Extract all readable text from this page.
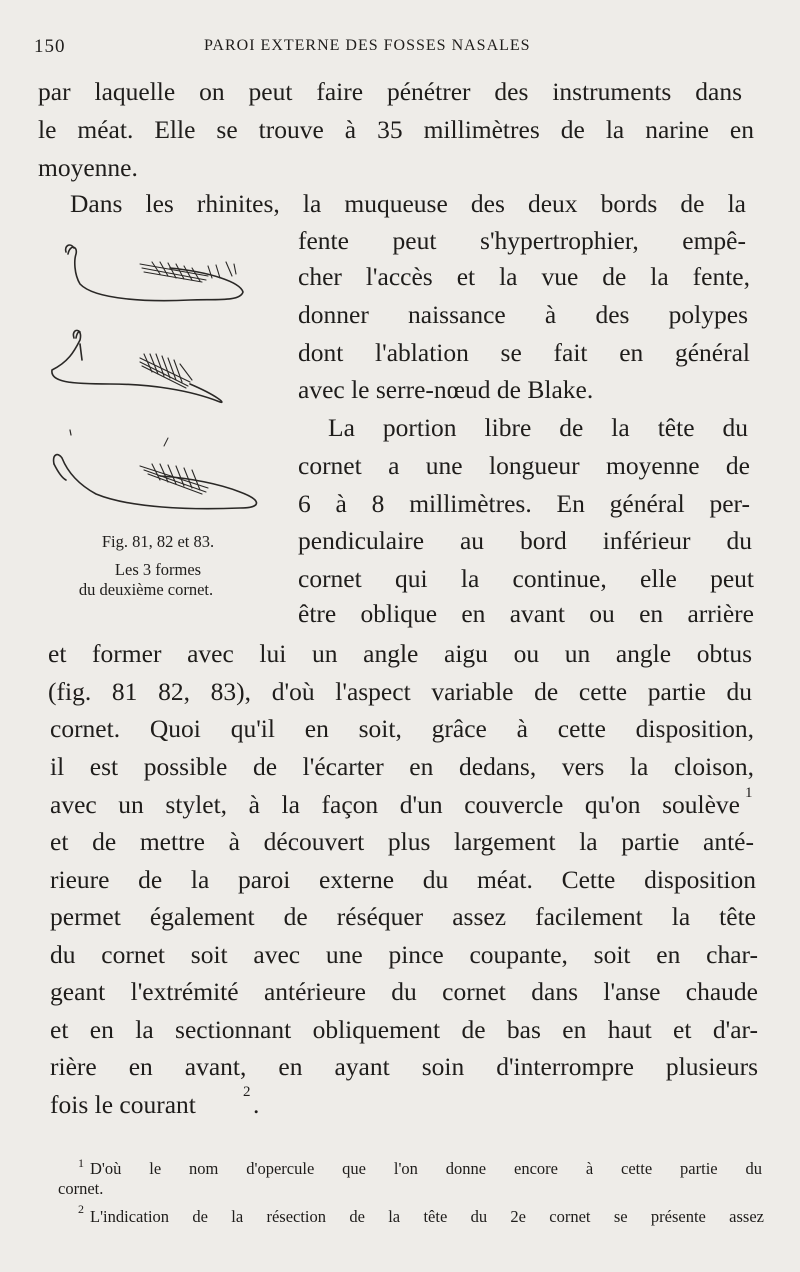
150	PAROI EXTERNE DES FOSSES NASALES
par laquelle on peut faire pénétrer des instruments dans
le méat. Elle se trouve à 35 millimètres de la narine en
moyenne.
Dans les rhinites, la muqueuse des deux bords de la
fente peut s'hypertrophier, empê-
cher l'accès et la vue de la fente,
donner naissance à des polypes
dont l'ablation se fait en général
avec le serre-nœud de Blake.
La portion libre de la tête du
cornet a une longueur moyenne de
6 à 8 millimètres. En général per-
pendiculaire au bord inférieur du
cornet qui la continue, elle peut
être oblique en avant ou en arrière
et former avec lui un angle aigu ou un angle obtus
(fig. 81 82, 83), d'où l'aspect variable de cette partie du
cornet. Quoi qu'il en soit, grâce à cette disposition,
il est possible de l'écarter en dedans, vers la cloison,
avec un stylet, à la façon d'un couvercle qu'on soulève 1
et de mettre à découvert plus largement la partie anté-
rieure de la paroi externe du méat. Cette disposition
permet également de réséquer assez facilement la tête
du cornet soit avec une pince coupante, soit en char-
geant l'extrémité antérieure du cornet dans l'anse chaude
et en la sectionnant obliquement de bas en haut et d'ar-
rière en avant, en ayant soin d'interrompre plusieurs
fois le courant	2 .
Fig. 81, 82 et 83.
Les 3 formes
du deuxième cornet.
1 D'où le nom d'opercule que l'on donne encore à cette partie du
cornet.
2 L'indication de la résection de la tête du 2e cornet se présente assez
